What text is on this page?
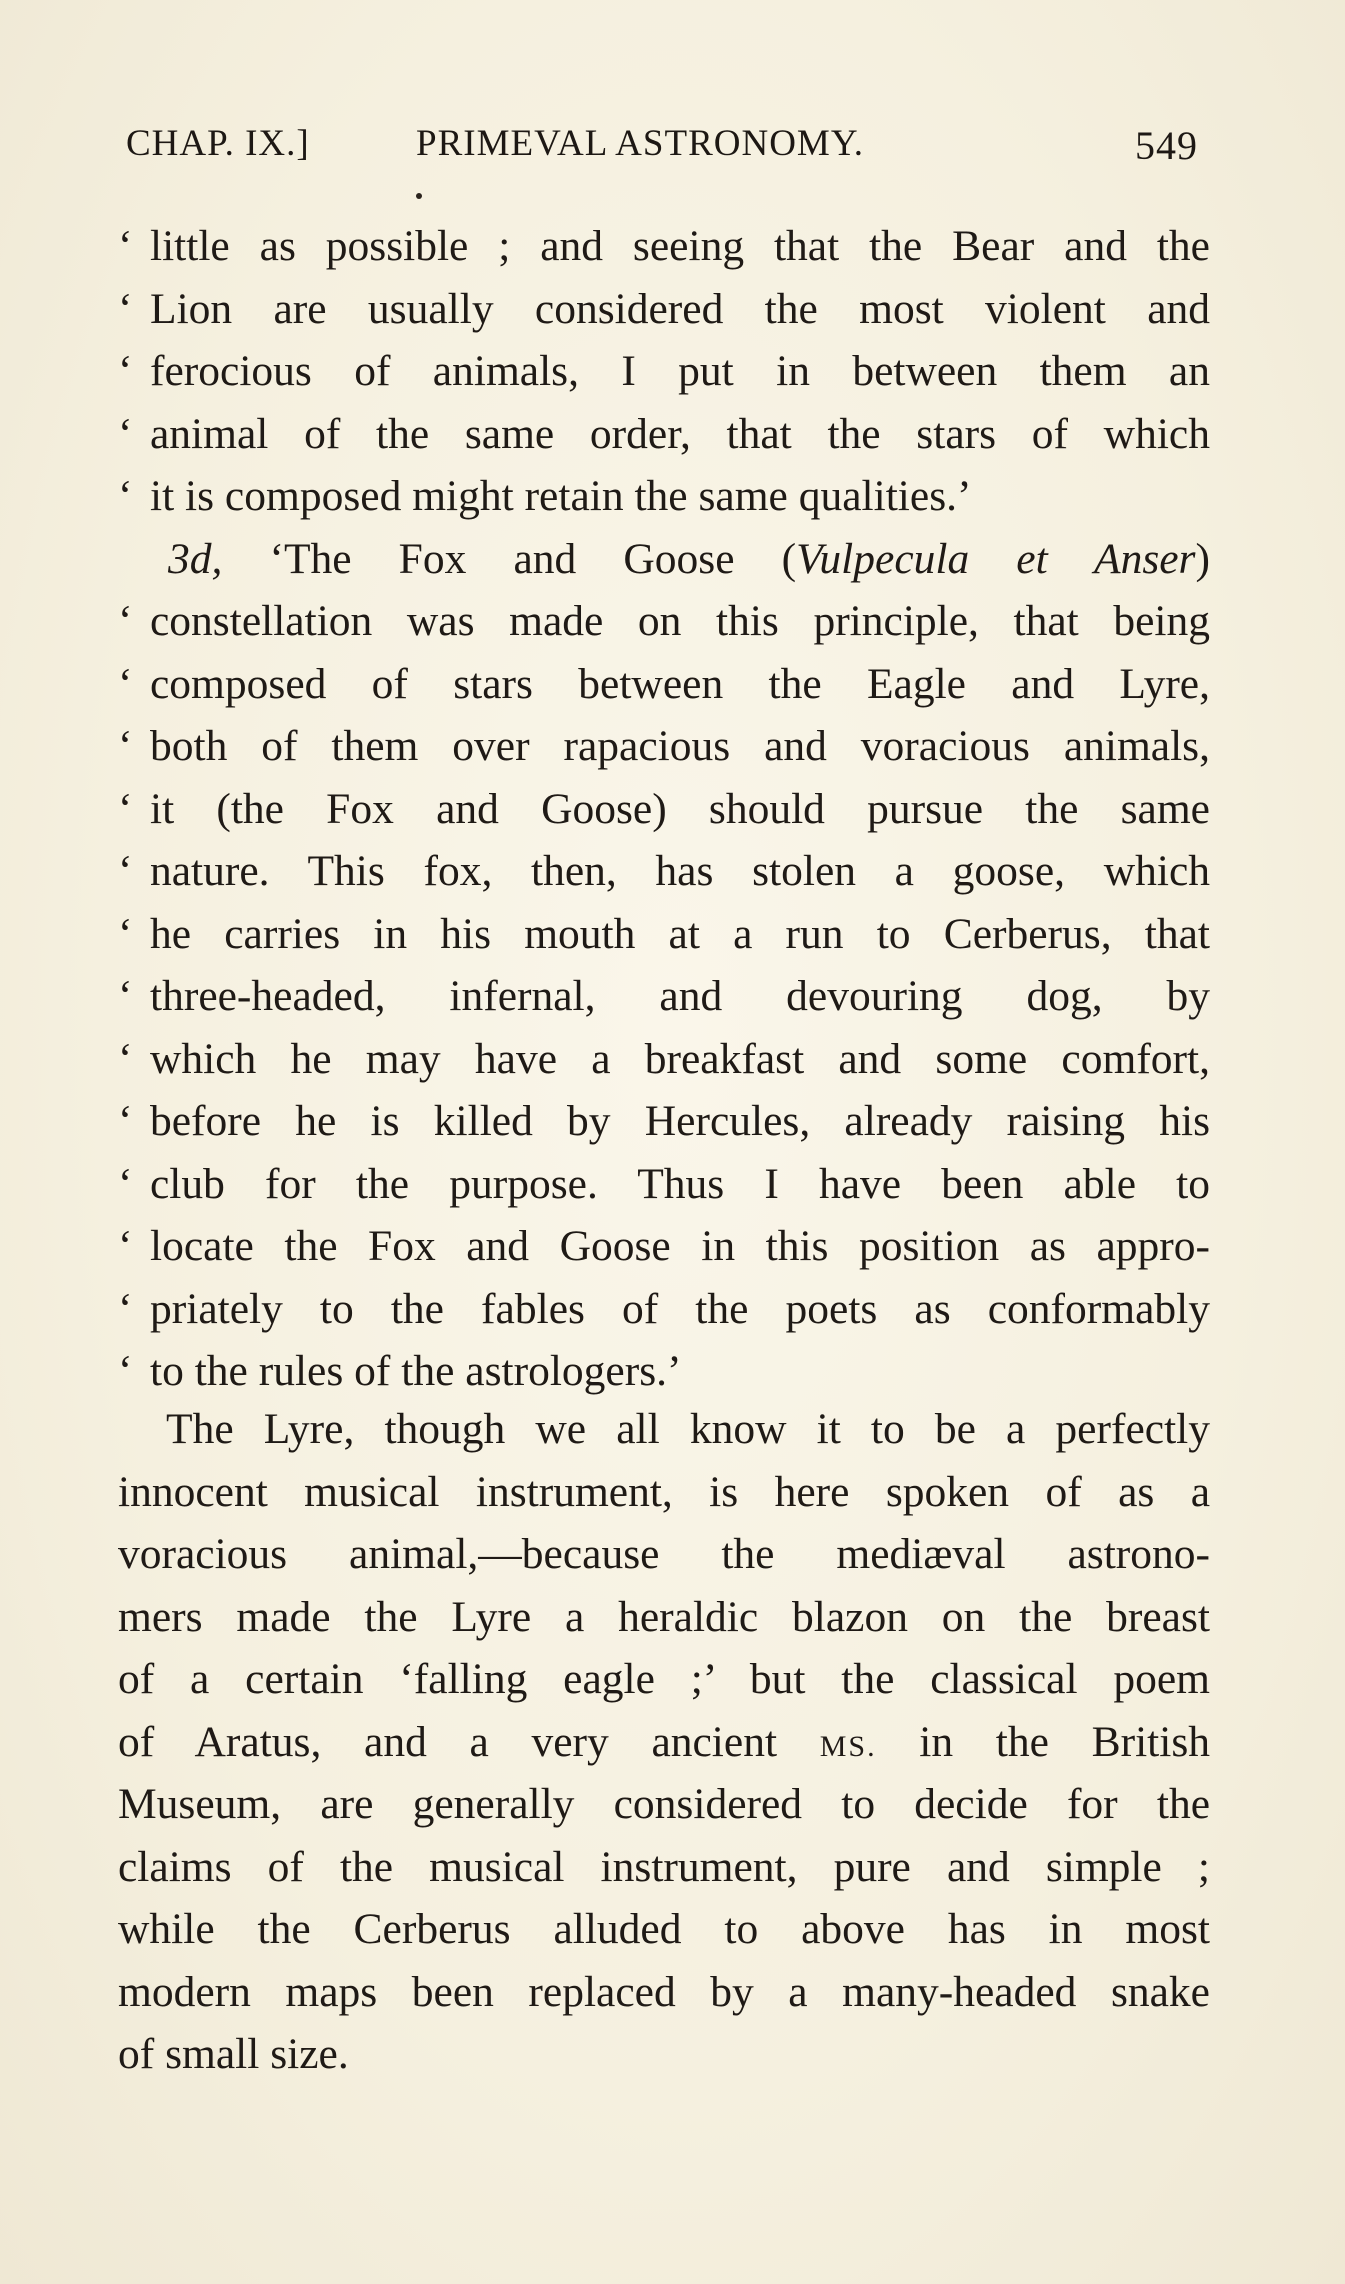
CHAP. IX.]	PRIMEVAL ASTRONOMY.	549
‘ little as possible ; and seeing that the Bear and the
‘ Lion are usually considered the most violent and
‘ ferocious of animals, I put in between them an
‘ animal of the same order, that the stars of which
‘ it is composed might retain the same qualities.’
3d, ‘The Fox and Goose (Vulpecula et Anser)
‘ constellation was made on this principle, that being
‘ composed of stars between the Eagle and Lyre,
‘ both of them over rapacious and voracious animals,
‘ it (the Fox and Goose) should pursue the same
‘ nature. This fox, then, has stolen a goose, which
‘ he carries in his mouth at a run to Cerberus, that
‘ three-headed, infernal, and devouring dog, by
‘ which he may have a breakfast and some comfort,
‘ before he is killed by Hercules, already raising his
‘ club for the purpose. Thus I have been able to
‘ locate the Fox and Goose in this position as appro-
‘ priately to the fables of the poets as conformably
‘ to the rules of the astrologers.’
The Lyre, though we all know it to be a perfectly
innocent musical instrument, is here spoken of as a
voracious animal,—because the mediæval astrono-
mers made the Lyre a heraldic blazon on the breast
of a certain ‘falling eagle ;’ but the classical poem
of Aratus, and a very ancient MS. in the British
Museum, are generally considered to decide for the
claims of the musical instrument, pure and simple ;
while the Cerberus alluded to above has in most
modern maps been replaced by a many-headed snake
of small size.
